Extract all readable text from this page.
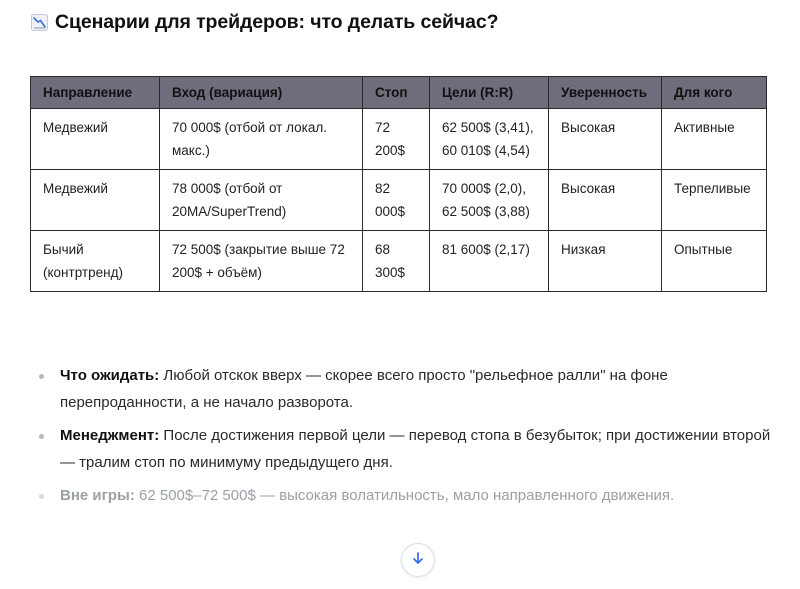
Сценарии для трейдеров: что делать сейчас?
Направление	Вход (вариация)	Стоп	Цели (R:R)	Уверенность	Для кого
Медвежий	70 000$ (отбой от локал. макс.)	72 200$	62 500$ (3,41), 60 010$ (4,54)	Высокая	Активные
Медвежий	78 000$ (отбой от 20MA/SuperTrend)	82 000$	70 000$ (2,0), 62 500$ (3,88)	Высокая	Терпеливые
Бычий (контртренд)	72 500$ (закрытие выше 72 200$ + объём)	68 300$	81 600$ (2,17)	Низкая	Опытные
Что ожидать: Любой отскок вверх — скорее всего просто "рельефное ралли" на фоне перепроданности, а не начало разворота.
Менеджмент: После достижения первой цели — перевод стопа в безубыток; при достижении второй — тралим стоп по минимуму предыдущего дня.
Вне игры: 62 500$–72 500$ — высокая волатильность, мало направленного движения.
